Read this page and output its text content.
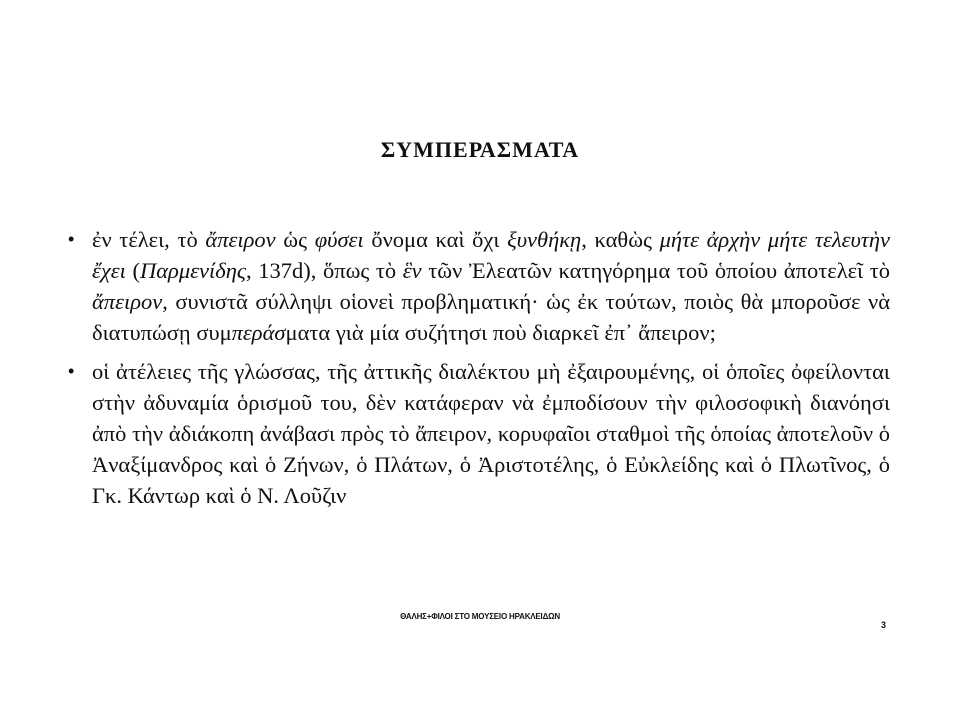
ΣΥΜΠΕΡΑΣΜΑΤΑ
• ἐν τέλει, τὸ ἄπειρον ὡς φύσει ὄνομα καὶ ὄχι ξυνθήκῃ, καθὼς μήτε ἀρχὴν μήτε τελευτὴν ἔχει (Παρμενίδης, 137d), ὅπως τὸ ἓν τῶν Ἐλεατῶν κατηγόρημα τοῦ ὁποίου ἀποτελεῖ τὸ ἄπειρον, συνιστᾶ σύλληψι οἱονεὶ προβληματική· ὡς ἐκ τούτων, ποιὸς θὰ μποροῦσε νὰ διατυπώσῃ συμπεράσματα γιὰ μία συζήτησι ποὺ διαρκεῖ ἐπ᾽ ἄπειρον;
• οἱ ἀτέλειες τῆς γλώσσας, τῆς ἀττικῆς διαλέκτου μὴ ἐξαιρουμένης, οἱ ὁποῖες ὀφείλονται στὴν ἀδυναμία ὁρισμοῦ του, δὲν κατάφεραν νὰ ἐμποδίσουν τὴν φιλοσοφικὴ διανόησι ἀπὸ τὴν ἀδιάκοπη ἀνάβασι πρὸς τὸ ἄπειρον, κορυφαῖοι σταθμοὶ τῆς ὁποίας ἀποτελοῦν ὁ Ἀναξίμανδρος καὶ ὁ Ζήνων, ὁ Πλάτων, ὁ Ἀριστοτέλης, ὁ Εὐκλείδης καὶ ὁ Πλωτῖνος, ὁ Γκ. Κάντωρ καὶ ὁ Ν. Λοῦζιν
ΘΑΛΗΣ+ΦΙΛΟΙ ΣΤΟ ΜΟΥΣΕΙΟ ΗΡΑΚΛΕΙΔΩΝ
3
